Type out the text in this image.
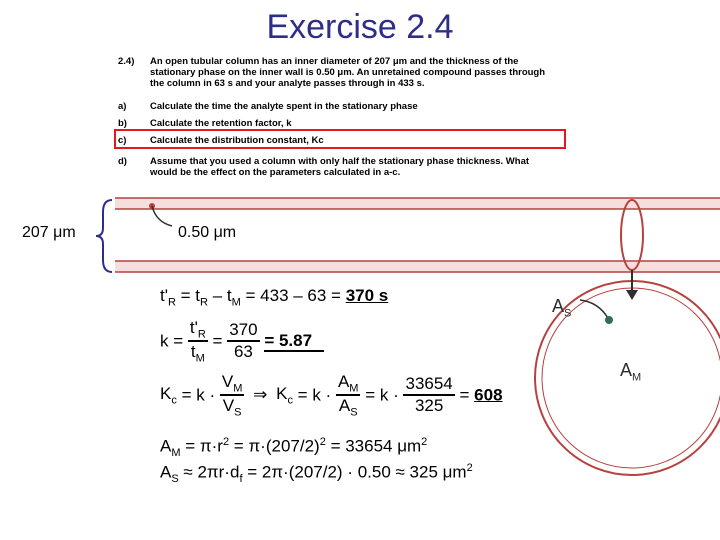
Exercise 2.4
2.4) An open tubular column has an inner diameter of 207 μm and the thickness of the stationary phase on the inner wall is 0.50 μm. An unretained compound passes through the column in 63 s and your analyte passes through in 433 s.
a) Calculate the time the analyte spent in the stationary phase
b) Calculate the retention factor, k
c) Calculate the distribution constant, Kc
d) Assume that you used a column with only half the stationary phase thickness. What would be the effect on the parameters calculated in a-c.
207 μm	0.50 μm
$A_S$
$A_M$
$t'_R = t_R - t_M = 433 - 63 = 370$ s
$k = \frac{t'_R}{t_M} = \frac{370}{63} = 5.87$
$K_c = k \cdot \frac{V_M}{V_S}$ ⇒ $K_c = k \cdot \frac{A_M}{A_S} = k \cdot \frac{33654}{325} = 608$
$A_M = \pi\cdot r^2 = \pi\cdot(207/2)^2 = 33654$ $\mu m^2$
$A_S \approx 2\pi r\cdot d_f = 2\pi\cdot(207/2) \cdot 0.50 \approx 325$ $\mu m^2$
